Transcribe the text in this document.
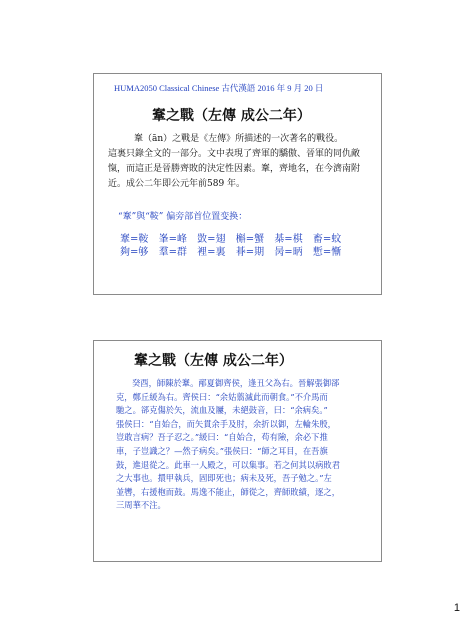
HUMA2050 Classical Chinese 古代漢語 2016 年 9 月 20 日
鞌之戰（左傳 成公二年）

鞌（ān）之戰是《左傳》所描述的一次著名的戰役。

這裏只錄全文的一部分。文中表現了齊軍的驕傲、晉軍的同仇敵

愾，而這正是晉勝齊敗的決定性因素。鞌，齊地名，在今濟南附

近。成公二年即公元年前589 年。

“鞌”與“鞍” 偏旁部首位置变换：
鞌=鞍 峯=峰 敳=翅 槲=蟹 棊=棋 畜=蚊
夠=够 羣=群 裡=裏 朞=期 昺=昞 慙=慚
鞌之戰（左傳 成公二年）

癸酉，師陳於鞌。邴夏御齊侯，逢丑父為右。晉解張御郤

克，鄭丘緩為右。齊侯曰：“余姑翦滅此而朝食。”不介馬而

馳之。郤克傷於矢，流血及屨，未絕鼓音，曰：“余病矣。”

張侯曰：“自始合，而矢貫余手及肘，余折以御，左輪朱殷，

豈敢言病？吾子忍之。”緩曰：“自始合，苟有險，余必下推

車，子豈識之？—然子病矣。”張侯曰：“師之耳目，在吾旗

鼓，進退從之。此車一人殿之，可以集事。若之何其以病敗君

之大事也。擐甲執兵，固即死也；病未及死，吾子勉之。”左

並轡，右援枹而鼓。馬逸不能止，師從之，齊師敗績，逐之，

三周華不注。

1
